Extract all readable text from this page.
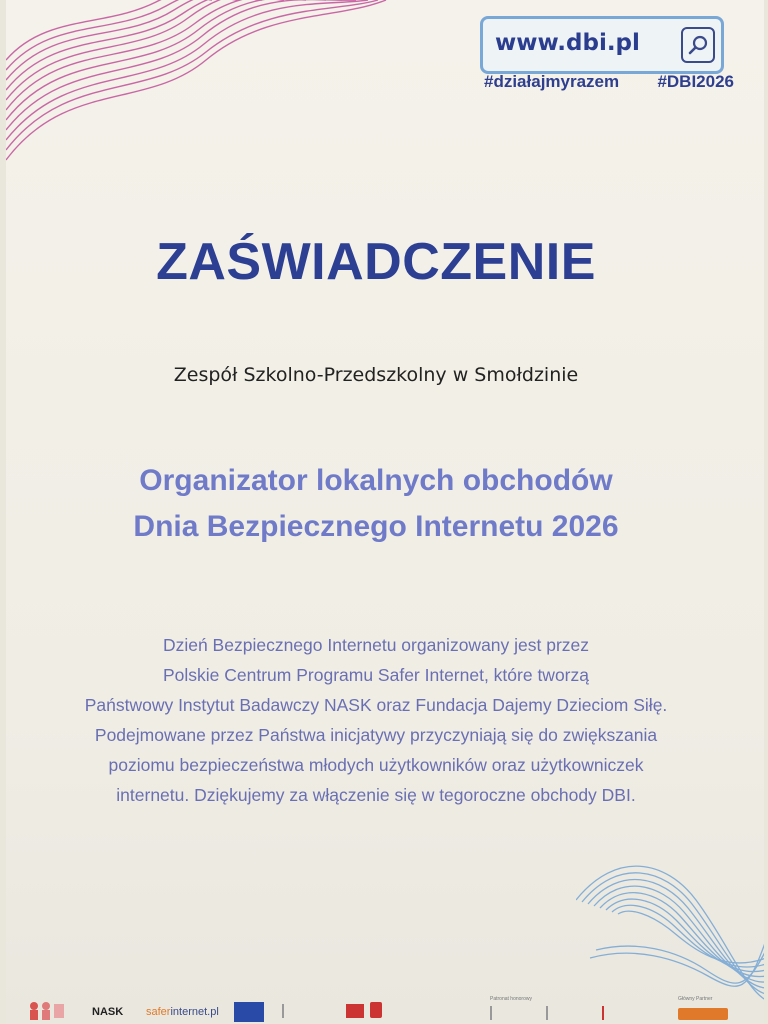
www.dbi.pl
#działajmyrazem #DBI2026
ZAŚWIADCZENIE
Zespół Szkolno-Przedszkolny w Smołdzinie
Organizator lokalnych obchodów
Dnia Bezpiecznego Internetu 2026
Dzień Bezpiecznego Internetu organizowany jest przez
Polskie Centrum Programu Safer Internet, które tworzą
Państwowy Instytut Badawczy NASK oraz Fundacja Dajemy Dzieciom Siłę.
Podejmowane przez Państwa inicjatywy przyczyniają się do zwiększania
poziomu bezpieczeństwa młodych użytkowników oraz użytkowniczek
internetu. Dziękujemy za włączenie się w tegoroczne obchody DBI.
NASK saferinternet.pl
Patronat honorowy	Główny Partner
